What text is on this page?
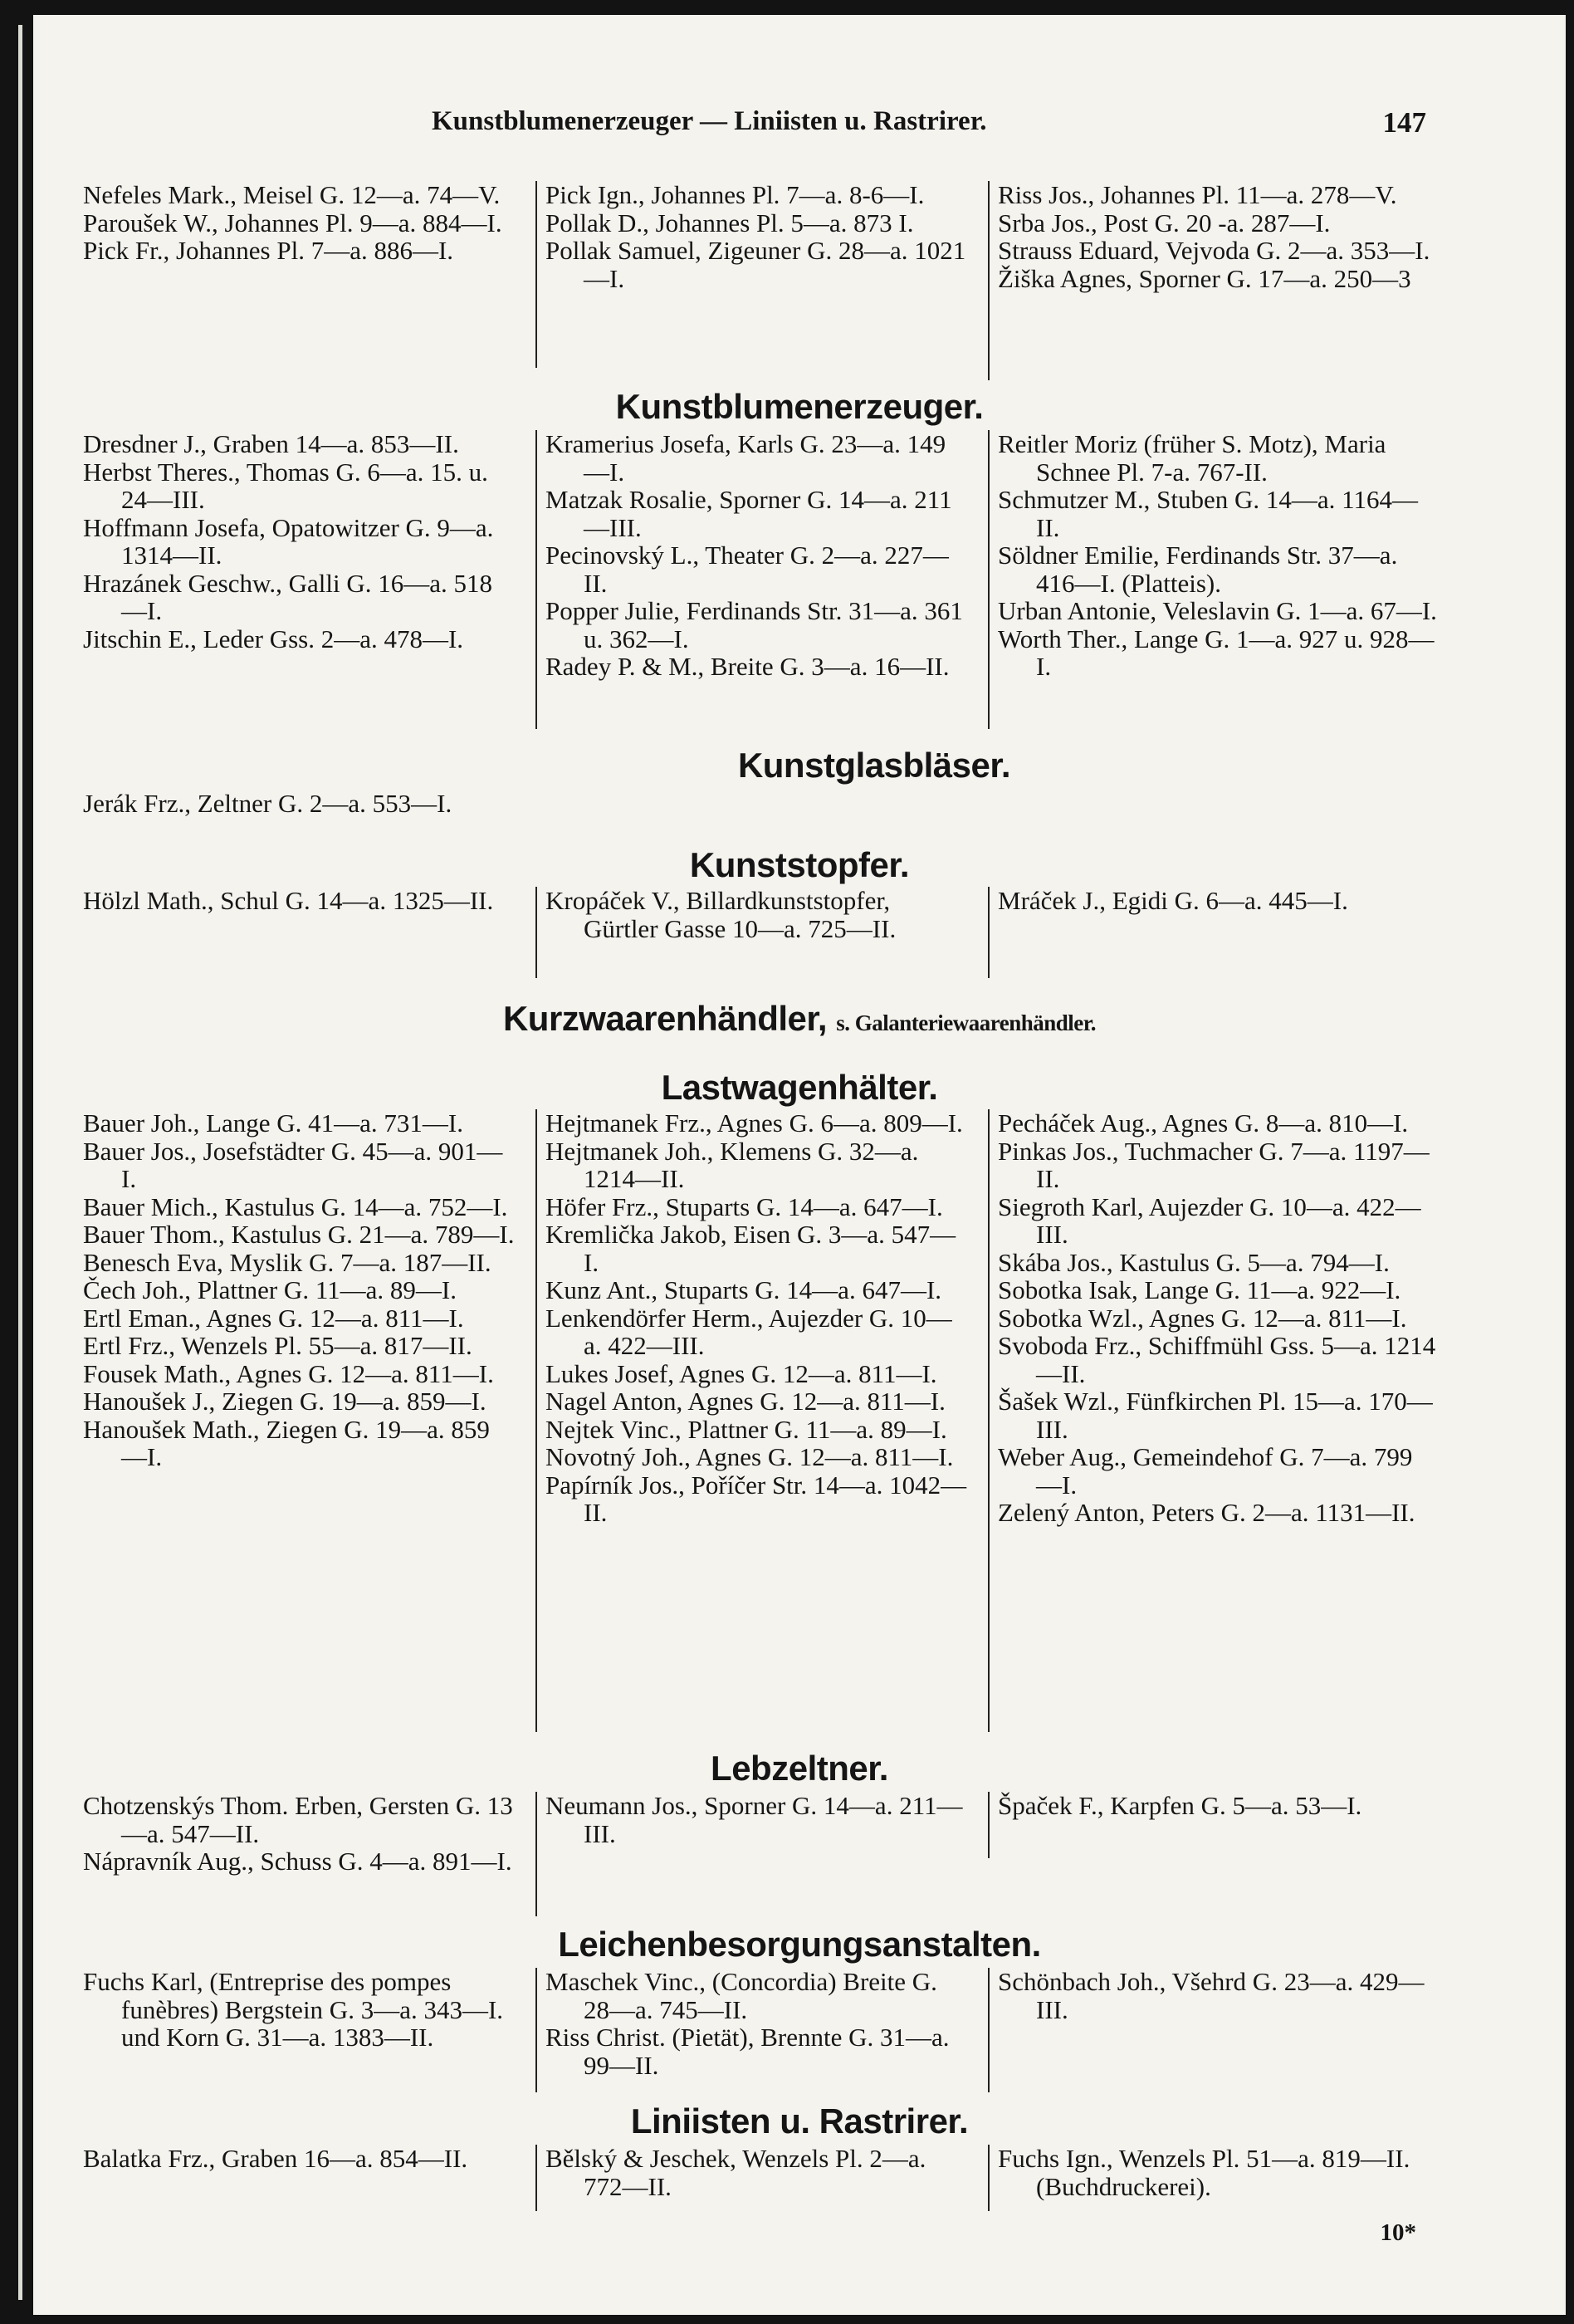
Kunstblumenerzeuger — Liniisten u. Rastrirer.	147

Nefeles Mark., Meisel G. 12—a. 74—V.

Paroušek W., Johannes Pl. 9—a. 884—I.

Pick Fr., Johannes Pl. 7—a. 886—I.

Pick Ign., Johannes Pl. 7—a. 8-6—I.

Pollak D., Johannes Pl. 5—a. 873 I.

Pollak Samuel, Zigeuner G. 28—a. 1021—I.

Riss Jos., Johannes Pl. 11—a. 278—V.

Srba Jos., Post G. 20 -a. 287—I.

Strauss Eduard, Vejvoda G. 2—a. 353—I.

Žiška Agnes, Sporner G. 17—a. 250—3

Kunstblumenerzeuger.

Dresdner J., Graben 14—a. 853—II.

Herbst Theres., Thomas G. 6—a. 15. u. 24—III.

Hoffmann Josefa, Opatowitzer G. 9—a. 1314—II.

Hrazánek Geschw., Galli G. 16—a. 518—I.

Jitschin E., Leder Gss. 2—a. 478—I.

Kramerius Josefa, Karls G. 23—a. 149—I.

Matzak Rosalie, Sporner G. 14—a. 211—III.

Pecinovský L., Theater G. 2—a. 227—II.

Popper Julie, Ferdinands Str. 31—a. 361 u. 362—I.

Radey P. & M., Breite G. 3—a. 16—II.

Reitler Moriz (früher S. Motz), Maria Schnee Pl. 7-a. 767-II.

Schmutzer M., Stuben G. 14—a. 1164—II.

Söldner Emilie, Ferdinands Str. 37—a. 416—I. (Platteis).

Urban Antonie, Veleslavin G. 1—a. 67—I.

Worth Ther., Lange G. 1—a. 927 u. 928—I.

Kunstglasbläser.
Jerák Frz., Zeltner G. 2—a. 553—I.
Kunststopfer.

Hölzl Math., Schul G. 14—a. 1325—II.	Kropáček V., Billardkunststopfer, Gürtler Gasse 10—a. 725—II.

Mráček J., Egidi G. 6—a. 445—I.

Kurzwaarenhändler, s. Galanteriewaarenhändler.
Lastwagenhälter.

Bauer Joh., Lange G. 41—a. 731—I.

Bauer Jos., Josefstädter G. 45—a. 901—I.

Bauer Mich., Kastulus G. 14—a. 752—I.

Bauer Thom., Kastulus G. 21—a. 789—I.

Benesch Eva, Myslik G. 7—a. 187—II.

Čech Joh., Plattner G. 11—a. 89—I.

Ertl Eman., Agnes G. 12—a. 811—I.

Ertl Frz., Wenzels Pl. 55—a. 817—II.

Fousek Math., Agnes G. 12—a. 811—I.

Hanoušek J., Ziegen G. 19—a. 859—I.

Hanoušek Math., Ziegen G. 19—a. 859—I.

Hejtmanek Frz., Agnes G. 6—a. 809—I.

Hejtmanek Joh., Klemens G. 32—a. 1214—II.

Höfer Frz., Stuparts G. 14—a. 647—I.

Kremlička Jakob, Eisen G. 3—a. 547—I.

Kunz Ant., Stuparts G. 14—a. 647—I.

Lenkendörfer Herm., Aujezder G. 10—a. 422—III.

Lukes Josef, Agnes G. 12—a. 811—I.

Nagel Anton, Agnes G. 12—a. 811—I.

Nejtek Vinc., Plattner G. 11—a. 89—I.

Novotný Joh., Agnes G. 12—a. 811—I.

Papírník Jos., Poříčer Str. 14—a. 1042—II.

Pecháček Aug., Agnes G. 8—a. 810—I.

Pinkas Jos., Tuchmacher G. 7—a. 1197—II.

Siegroth Karl, Aujezder G. 10—a. 422—III.

Skába Jos., Kastulus G. 5—a. 794—I.

Sobotka Isak, Lange G. 11—a. 922—I.

Sobotka Wzl., Agnes G. 12—a. 811—I.

Svoboda Frz., Schiffmühl Gss. 5—a. 1214—II.

Šašek Wzl., Fünfkirchen Pl. 15—a. 170—III.

Weber Aug., Gemeindehof G. 7—a. 799—I.

Zelený Anton, Peters G. 2—a. 1131—II.

Lebzeltner.

Chotzenskýs Thom. Erben, Gersten G. 13—a. 547—II.

Nápravník Aug., Schuss G. 4—a. 891—I.

Neumann Jos., Sporner G. 14—a. 211—III.

Špaček F., Karpfen G. 5—a. 53—I.

Leichenbesorgungsanstalten.

Fuchs Karl, (Entreprise des pompes funèbres) Bergstein G. 3—a. 343—I. und Korn G. 31—a. 1383—II.

Maschek Vinc., (Concordia) Breite G. 28—a. 745—II.

Riss Christ. (Pietät), Brennte G. 31—a. 99—II.

Schönbach Joh., Všehrd G. 23—a. 429—III.

Liniisten u. Rastrirer.

Balatka Frz., Graben 16—a. 854—II.	Bělský & Jeschek, Wenzels Pl. 2—a. 772—II.

Fuchs Ign., Wenzels Pl. 51—a. 819—II. (Buchdruckerei).

10*
